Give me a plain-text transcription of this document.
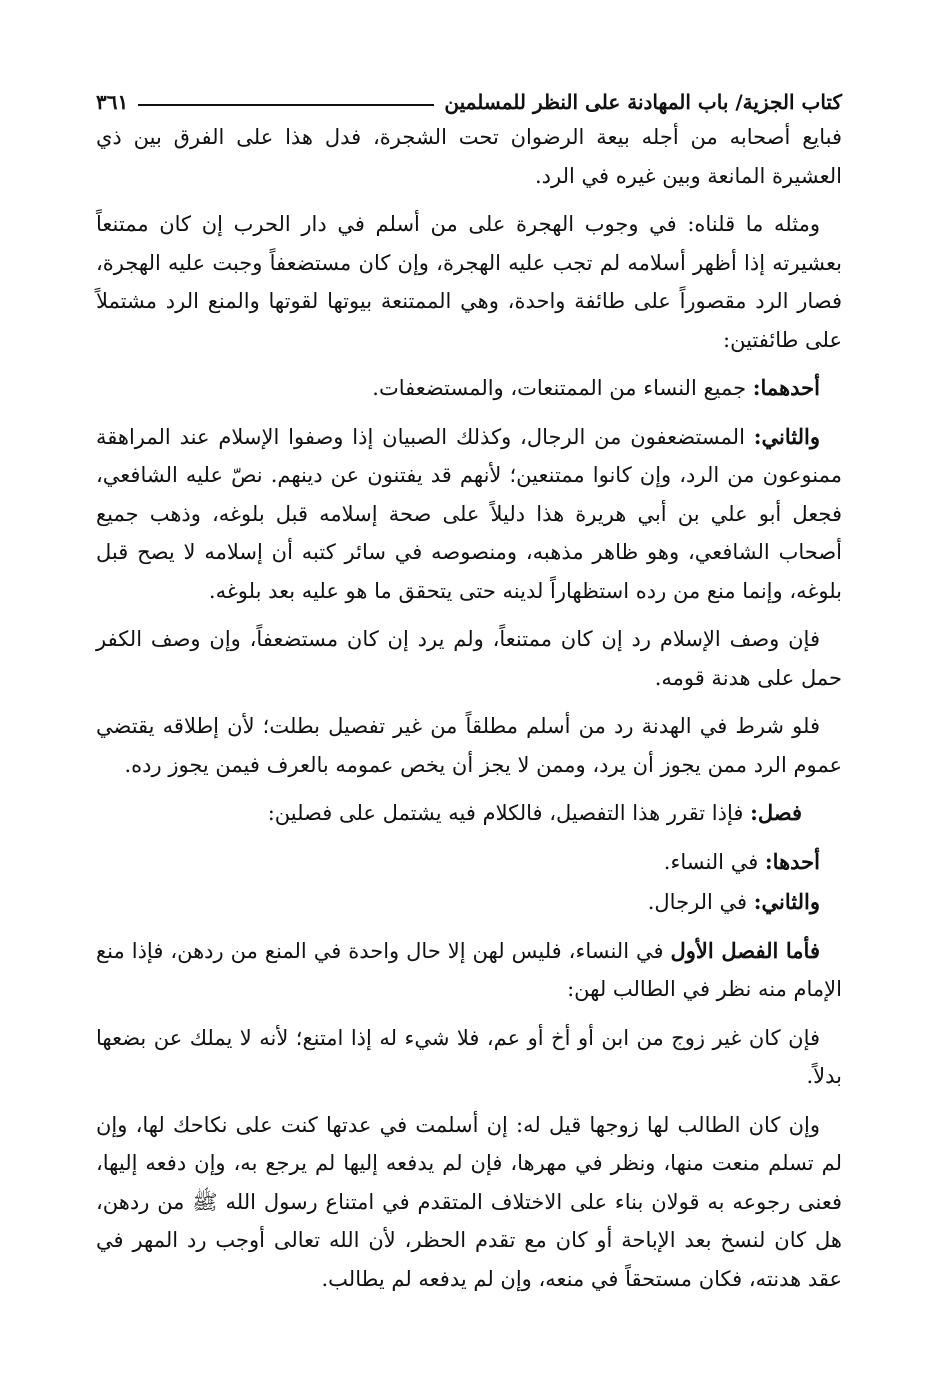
كتاب الجزية/ باب المهادنة على النظر للمسلمين
٣٦١
فبايع أصحابه من أجله بيعة الرضوان تحت الشجرة، فدل هذا على الفرق بين ذي العشيرة المانعة وبين غيره في الرد.
ومثله ما قلناه: في وجوب الهجرة على من أسلم في دار الحرب إن كان ممتنعاً بعشيرته إذا أظهر أسلامه لم تجب عليه الهجرة، وإن كان مستضعفاً وجبت عليه الهجرة، فصار الرد مقصوراً على طائفة واحدة، وهي الممتنعة بيوتها لقوتها والمنع الرد مشتملاً على طائفتين:
أحدهما: جميع النساء من الممتنعات، والمستضعفات.
والثاني: المستضعفون من الرجال، وكذلك الصبيان إذا وصفوا الإسلام عند المراهقة ممنوعون من الرد، وإن كانوا ممتنعين؛ لأنهم قد يفتنون عن دينهم. نصّ عليه الشافعي، فجعل أبو علي بن أبي هريرة هذا دليلاً على صحة إسلامه قبل بلوغه، وذهب جميع أصحاب الشافعي، وهو ظاهر مذهبه، ومنصوصه في سائر كتبه أن إسلامه لا يصح قبل بلوغه، وإنما منع من رده استظهاراً لدينه حتى يتحقق ما هو عليه بعد بلوغه.
فإن وصف الإسلام رد إن كان ممتنعاً، ولم يرد إن كان مستضعفاً، وإن وصف الكفر حمل على هدنة قومه.
فلو شرط في الهدنة رد من أسلم مطلقاً من غير تفصيل بطلت؛ لأن إطلاقه يقتضي عموم الرد ممن يجوز أن يرد، وممن لا يجز أن يخص عمومه بالعرف فيمن يجوز رده.
فصل: فإذا تقرر هذا التفصيل، فالكلام فيه يشتمل على فصلين:
أحدها: في النساء.
والثاني: في الرجال.
فأما الفصل الأول في النساء، فليس لهن إلا حال واحدة في المنع من ردهن، فإذا منع الإمام منه نظر في الطالب لهن:
فإن كان غير زوج من ابن أو أخ أو عم، فلا شيء له إذا امتنع؛ لأنه لا يملك عن بضعها بدلاً.
وإن كان الطالب لها زوجها قيل له: إن أسلمت في عدتها كنت على نكاحك لها، وإن لم تسلم منعت منها، ونظر في مهرها، فإن لم يدفعه إليها لم يرجع به، وإن دفعه إليها، فعنى رجوعه به قولان بناء على الاختلاف المتقدم في امتناع رسول الله ﷺ من ردهن، هل كان لنسخ بعد الإباحة أو كان مع تقدم الحظر، لأن الله تعالى أوجب رد المهر في عقد هدنته، فكان مستحقاً في منعه، وإن لم يدفعه لم يطالب.
